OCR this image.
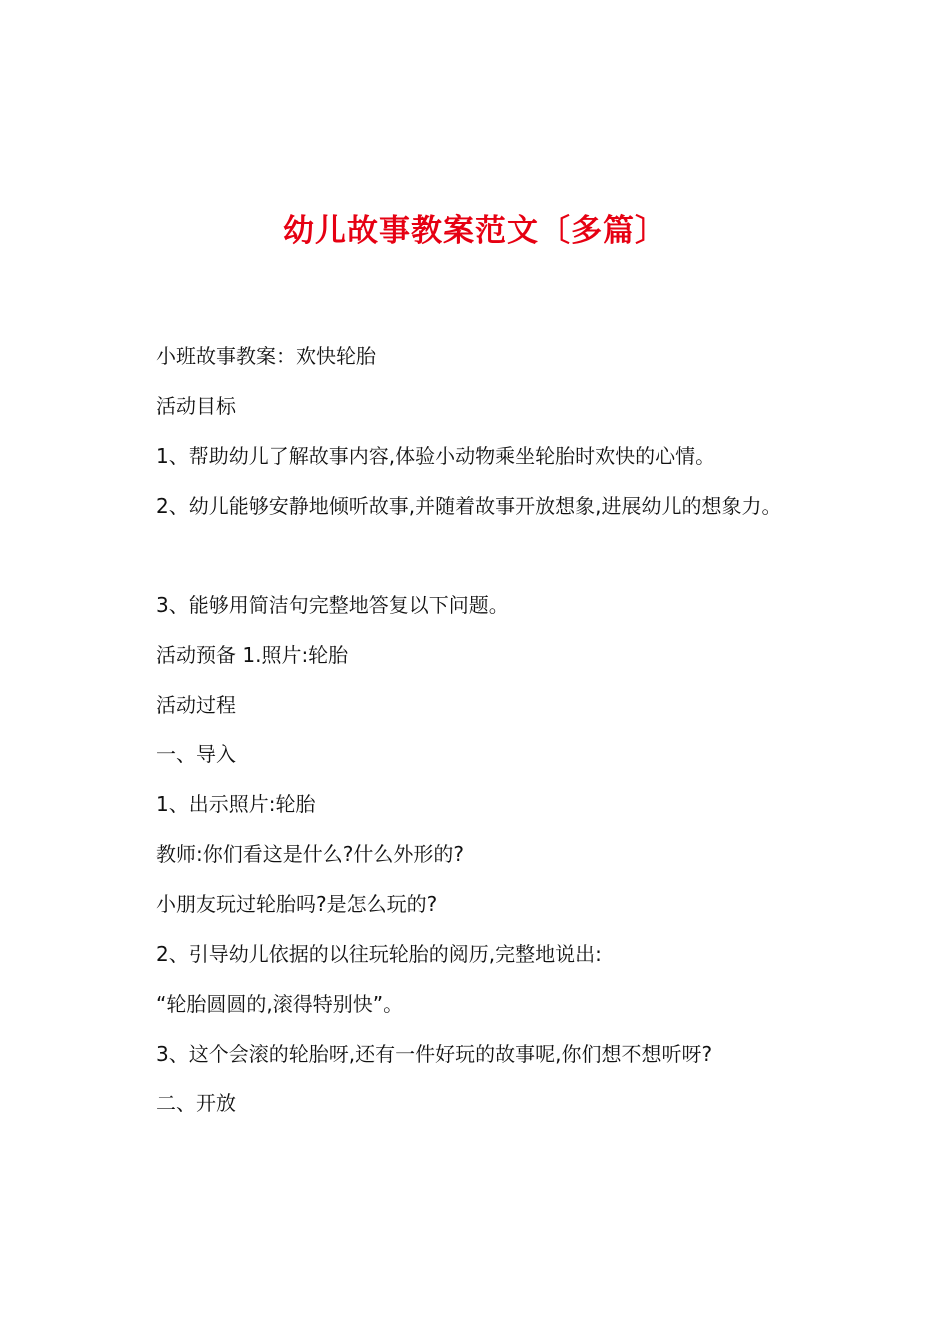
幼儿故事教案范文〔多篇〕

小班故事教案：欢快轮胎

活动目标

1、帮助幼儿了解故事内容,体验小动物乘坐轮胎时欢快的心情。

2、幼儿能够安静地倾听故事,并随着故事开放想象,进展幼儿的想象力。

3、能够用简洁句完整地答复以下问题。

活动预备 1.照片:轮胎

活动过程

一、导入

1、出示照片:轮胎

教师:你们看这是什么?什么外形的?

小朋友玩过轮胎吗?是怎么玩的?

2、引导幼儿依据的以往玩轮胎的阅历,完整地说出:

“轮胎圆圆的,滚得特别快”。

3、这个会滚的轮胎呀,还有一件好玩的故事呢,你们想不想听呀?

二、开放
